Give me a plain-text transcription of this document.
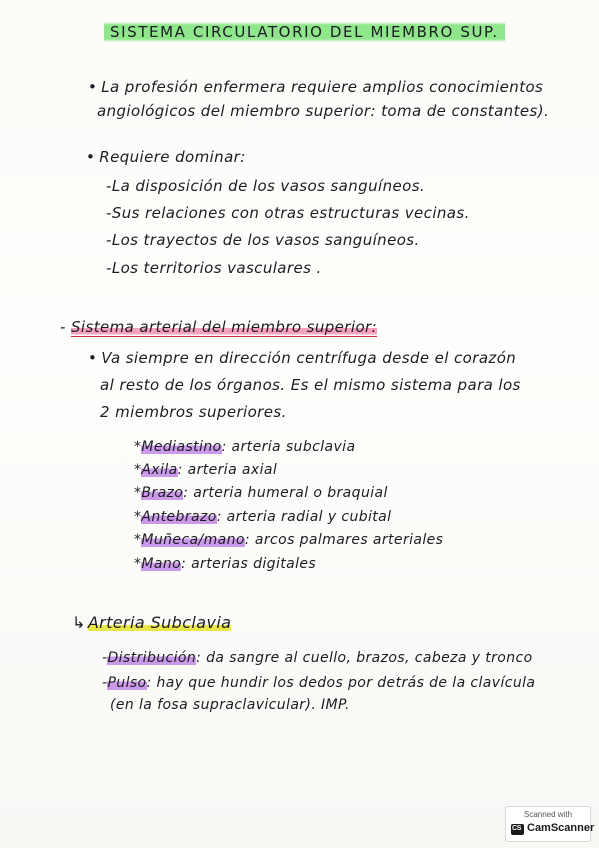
SISTEMA CIRCULATORIO DEL MIEMBRO SUP.
• La profesión enfermera requiere amplios conocimientos
angiológicos del miembro superior: toma de constantes).
• Requiere dominar:
-La disposición de los vasos sanguíneos.
-Sus relaciones con otras estructuras vecinas.
-Los trayectos de los vasos sanguíneos.
-Los territorios vasculares .
- Sistema arterial del miembro superior:
• Va siempre en dirección centrífuga desde el corazón
al resto de los órganos. Es el mismo sistema para los
2 miembros superiores.
*Mediastino: arteria subclavia
*Axila: arteria axial
*Brazo: arteria humeral o braquial
*Antebrazo: arteria radial y cubital
*Muñeca/mano: arcos palmares arteriales
*Mano: arterias digitales
↳ Arteria Subclavia
-Distribución: da sangre al cuello, brazos, cabeza y tronco
-Pulso: hay que hundir los dedos por detrás de la clavícula
(en la fosa supraclavicular). IMP.
Scanned with
CS
CamScanner
